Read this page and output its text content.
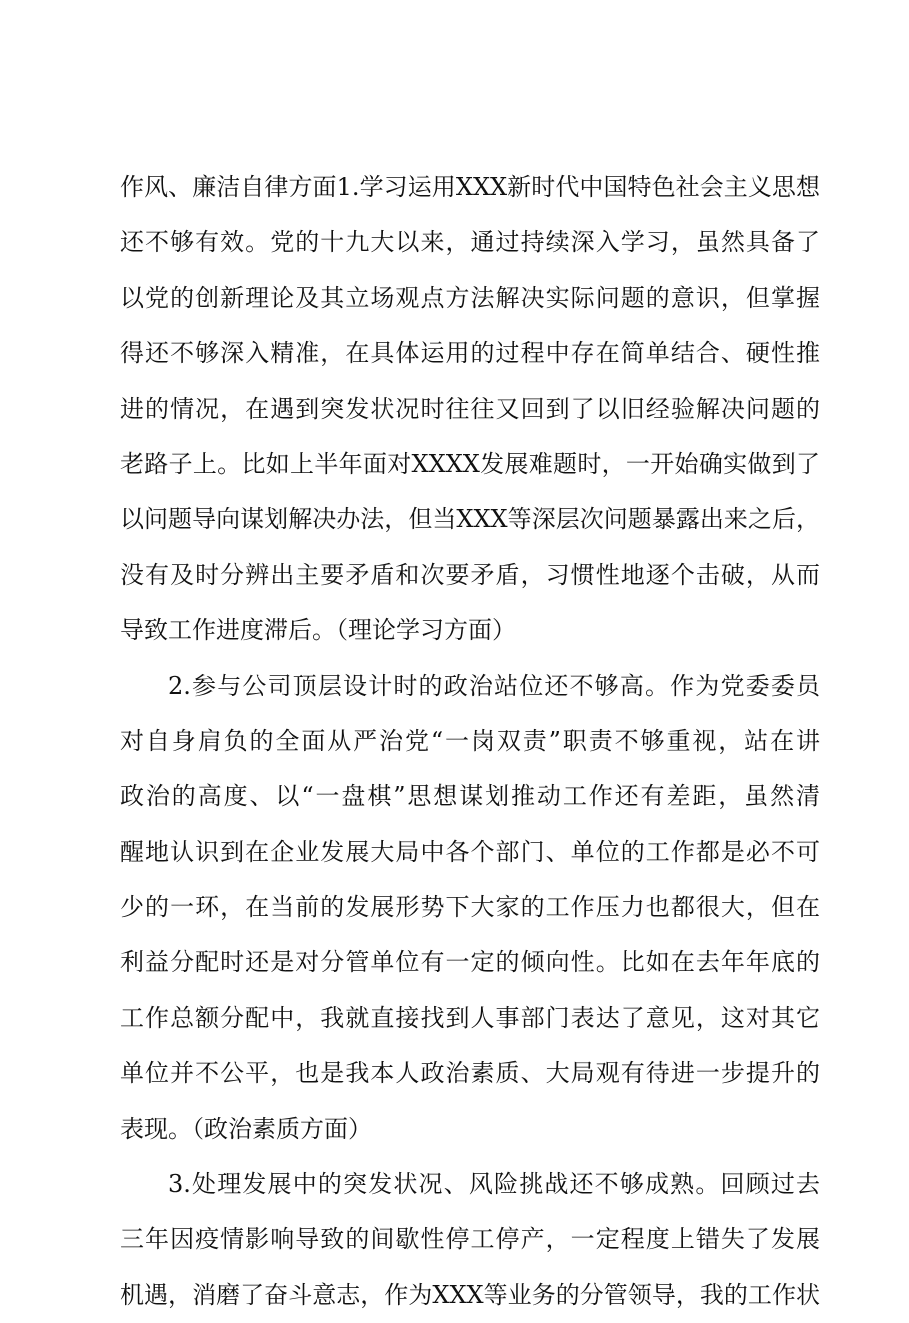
作风、廉洁自律方面1.学习运用XXX新时代中国特色社会主义思想
还不够有效。党的十九大以来，通过持续深入学习，虽然具备了
以党的创新理论及其立场观点方法解决实际问题的意识，但掌握
得还不够深入精准，在具体运用的过程中存在简单结合、硬性推
进的情况，在遇到突发状况时往往又回到了以旧经验解决问题的
老路子上。比如上半年面对XXXX发展难题时，一开始确实做到了
以问题导向谋划解决办法，但当XXX等深层次问题暴露出来之后，
没有及时分辨出主要矛盾和次要矛盾，习惯性地逐个击破，从而
导致工作进度滞后。（理论学习方面）
2.参与公司顶层设计时的政治站位还不够高。作为党委委员
对自身肩负的全面从严治党“一岗双责”职责不够重视，站在讲
政治的高度、以“一盘棋”思想谋划推动工作还有差距，虽然清
醒地认识到在企业发展大局中各个部门、单位的工作都是必不可
少的一环，在当前的发展形势下大家的工作压力也都很大，但在
利益分配时还是对分管单位有一定的倾向性。比如在去年年底的
工作总额分配中，我就直接找到人事部门表达了意见，这对其它
单位并不公平，也是我本人政治素质、大局观有待进一步提升的
表现。（政治素质方面）
3.处理发展中的突发状况、风险挑战还不够成熟。回顾过去
三年因疫情影响导致的间歇性停工停产，一定程度上错失了发展
机遇，消磨了奋斗意志，作为XXX等业务的分管领导，我的工作状
